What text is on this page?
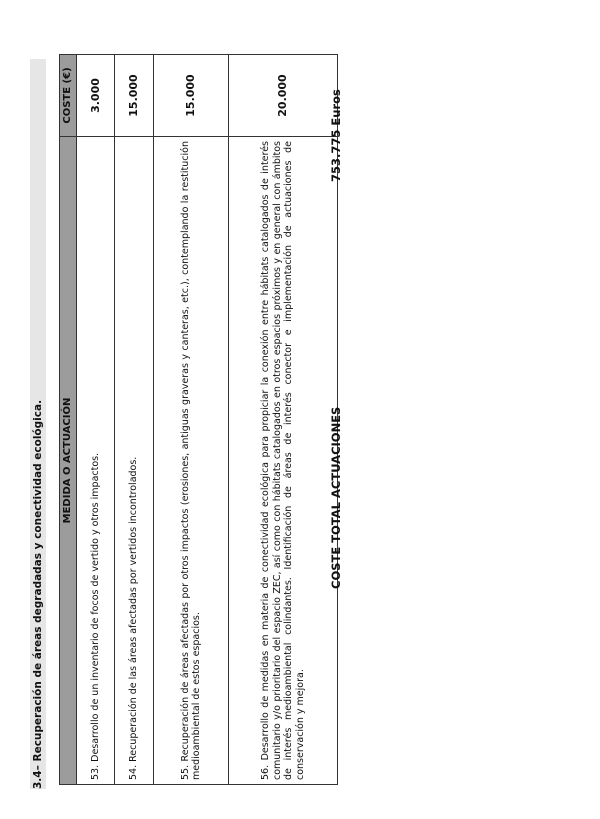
3.4– Recuperación de áreas degradadas y conectividad ecológica. MEDIDA O ACTUACIÓN	COSTE (€)
53. Desarrollo de un inventario de focos de vertido y otros impactos.	3.000
54. Recuperación de las áreas afectadas por vertidos incontrolados.	15.000
55. Recuperación de áreas afectadas por otros impactos (erosiones, antiguas graveras y canteras, etc.), contemplando la restitución medioambiental de estos espacios.	15.000
56. Desarrollo de medidas en materia de conectividad ecológica para propiciar la conexión entre hábitats catalogados de interés comunitario y/o prioritario del espacio ZEC, así como con hábitats catalogados en otros espacios próximos y en general con ámbitos de interés medioambiental colindantes. Identificación de áreas de interés conector e implementación de actuaciones de conservación y mejora.	20.000
COSTE TOTAL ACTUACIONES
753.775 Euros
